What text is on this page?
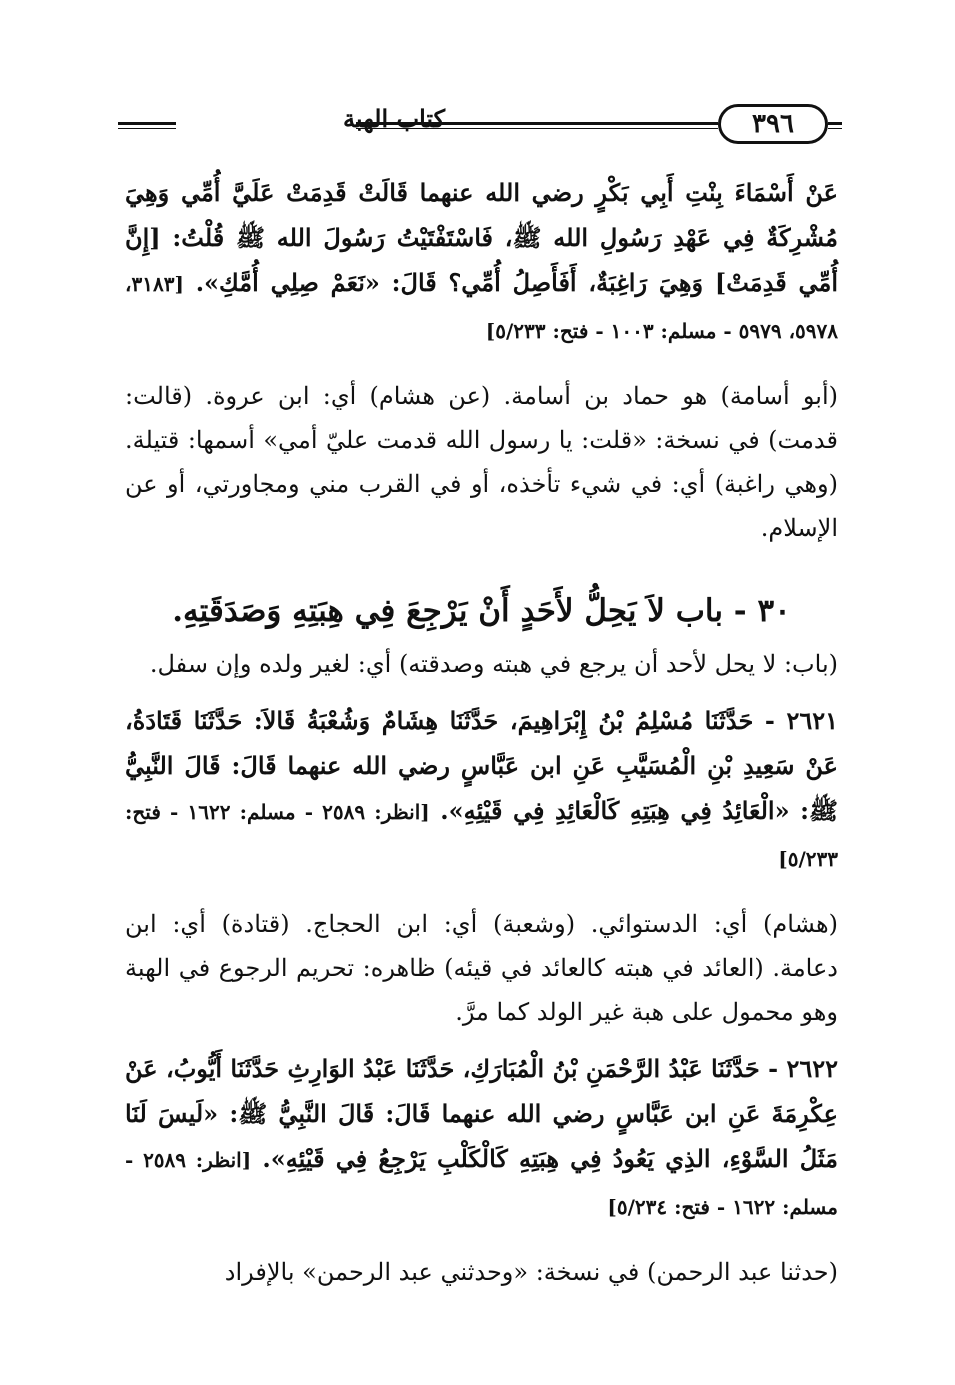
كتاب الهبة	٣٩٦

عَنْ أَسْمَاءَ بِنْتِ أَبِي بَكْرٍ رضي الله عنهما قَالَتْ قَدِمَتْ عَلَيَّ أُمِّي وَهِيَ مُشْرِكَةٌ فِي عَهْدِ رَسُولِ الله ﷺ، فَاسْتَفْتَيْتُ رَسُولَ الله ﷺ قُلْتُ: [إِنَّ أُمِّي قَدِمَتْ] وَهِيَ رَاغِبَةٌ، أَفَأَصِلُ أُمِّي؟ قَالَ: «نَعَمْ صِلِي أُمَّكِ». [٣١٨٣، ٥٩٧٨، ٥٩٧٩ - مسلم: ١٠٠٣ - فتح: ٥/٢٣٣]

(أبو أسامة) هو حماد بن أسامة. (عن هشام) أي: ابن عروة. (قالت: قدمت) في نسخة: «قلت: يا رسول الله قدمت عليّ أمي» أسمها: قتيلة. (وهي راغبة) أي: في شيء تأخذه، أو في القرب مني ومجاورتي، أو عن الإسلام.

٣٠ - باب لاَ يَحِلُّ لأَحَدٍ أَنْ يَرْجِعَ فِي هِبَتِهِ وَصَدَقَتِهِ.

(باب: لا يحل لأحد أن يرجع في هبته وصدقته) أي: لغير ولده وإن سفل.

٢٦٢١ - حَدَّثَنَا مُسْلِمُ بْنُ إِبْرَاهِيمَ، حَدَّثَنَا هِشَامٌ وَشُعْبَةُ قَالاَ: حَدَّثَنَا قَتَادَةُ، عَنْ سَعِيدِ بْنِ الْمُسَيَّبِ عَنِ ابن عَبَّاسٍ رضي الله عنهما قَالَ: قَالَ النَّبِيُّ ﷺ: «الْعَائِدُ فِي هِبَتِهِ كَالْعَائِدِ فِي قَيْئِهِ». [انظر: ٢٥٨٩ - مسلم: ١٦٢٢ - فتح: ٥/٢٣٣]

(هشام) أي: الدستوائي. (وشعبة) أي: ابن الحجاج. (قتادة) أي: ابن دعامة. (العائد في هبته كالعائد في قيئه) ظاهره: تحريم الرجوع في الهبة وهو محمول على هبة غير الولد كما مرَّ.

٢٦٢٢ - حَدَّثَنَا عَبْدُ الرَّحْمَنِ بْنُ الْمُبَارَكِ، حَدَّثَنَا عَبْدُ الوَارِثِ حَدَّثَنَا أَيُّوبُ، عَنْ عِكْرِمَةَ عَنِ ابن عَبَّاسٍ رضي الله عنهما قَالَ: قَالَ النَّبِيُّ ﷺ: «لَيسَ لَنَا مَثَلُ السَّوْءِ، الذِي يَعُودُ فِي هِبَتِهِ كَالْكَلْبِ يَرْجِعُ فِي قَيْئِهِ». [انظر: ٢٥٨٩ - مسلم: ١٦٢٢ - فتح: ٥/٢٣٤]

(حدثنا عبد الرحمن) في نسخة: «وحدثني عبد الرحمن» بالإفراد
